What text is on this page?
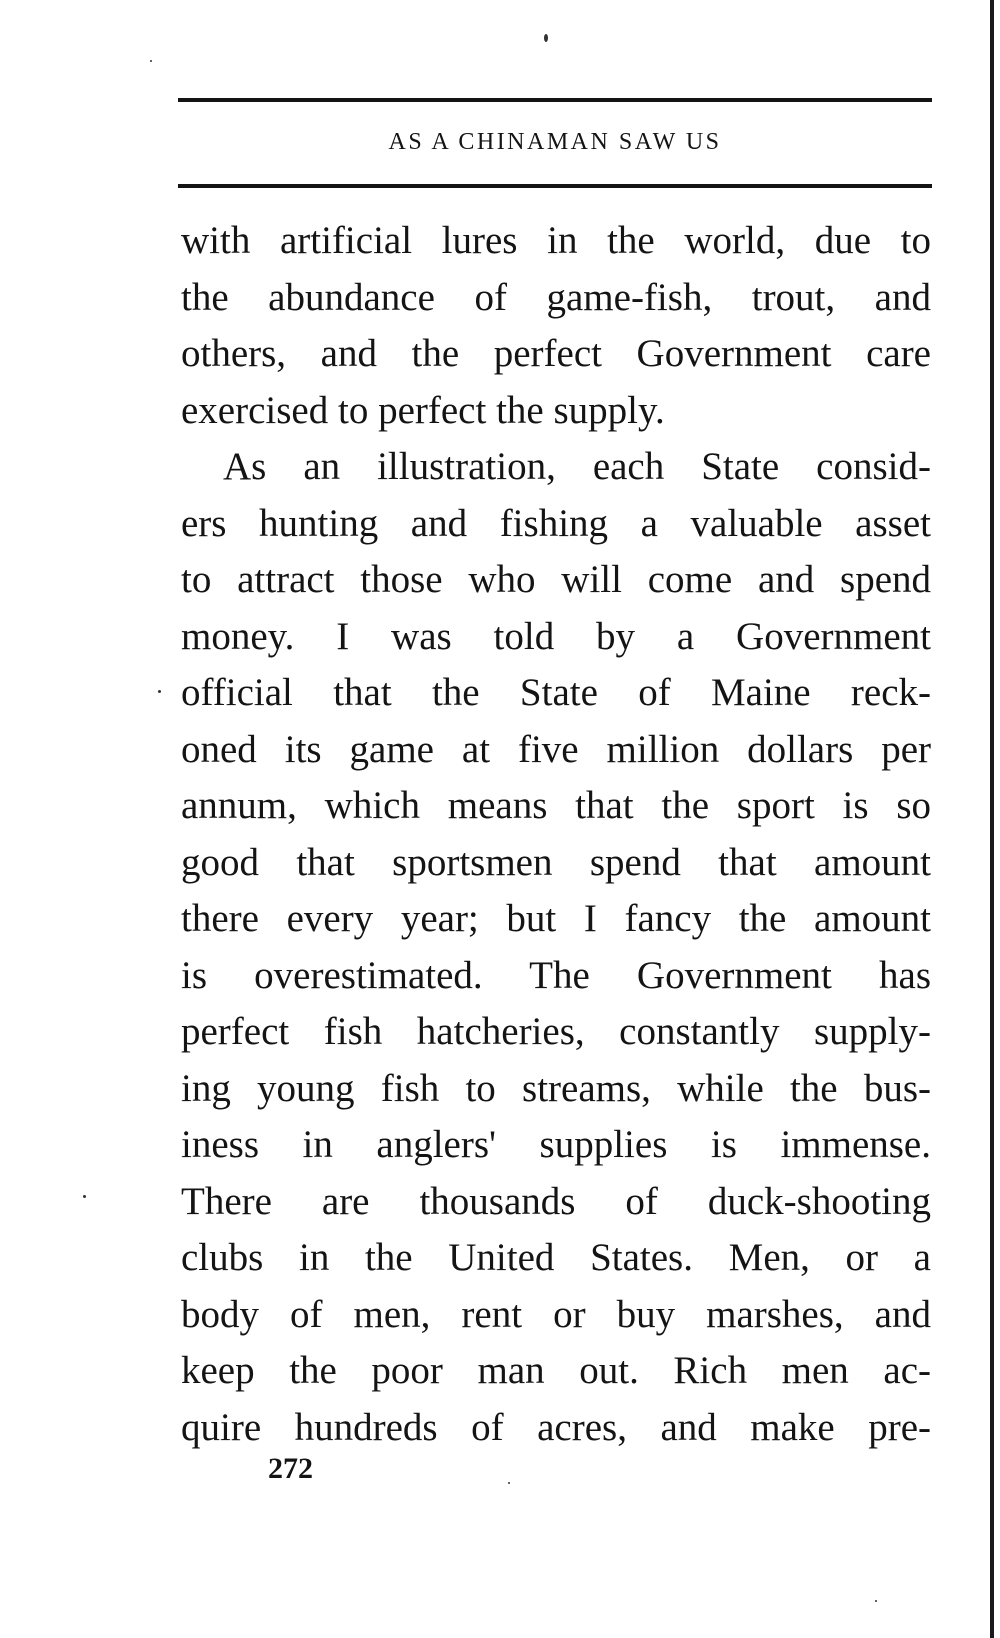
AS A CHINAMAN SAW US
with artificial lures in the world, due to
the abundance of game-fish, trout, and
others, and the perfect Government care
exercised to perfect the supply.
As an illustration, each State consid-
ers hunting and fishing a valuable asset
to attract those who will come and spend
money. I was told by a Government
official that the State of Maine reck-
oned its game at five million dollars per
annum, which means that the sport is so
good that sportsmen spend that amount
there every year; but I fancy the amount
is overestimated. The Government has
perfect fish hatcheries, constantly supply-
ing young fish to streams, while the bus-
iness in anglers' supplies is immense.
There are thousands of duck-shooting
clubs in the United States. Men, or a
body of men, rent or buy marshes, and
keep the poor man out. Rich men ac-
quire hundreds of acres, and make pre-
272
